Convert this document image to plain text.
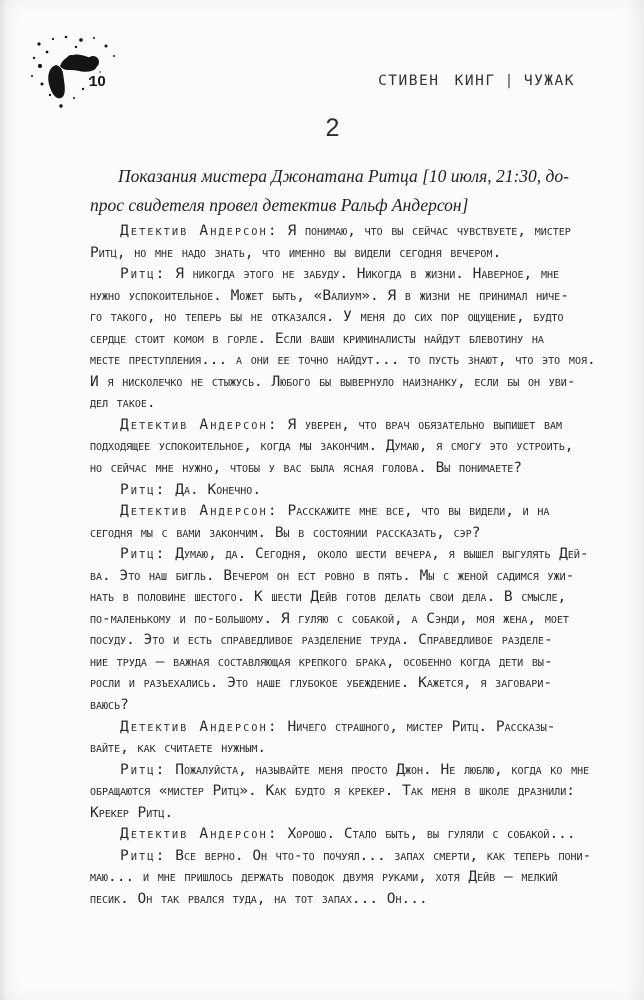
10	СТИВЕН КИНГ | ЧУЖАК
2
Показания мистера Джонатана Ритца [10 июля, 21:30, до-
прос свидетеля провел детектив Ральф Андерсон]
Детектив Андерсон: Я понимаю, что вы сейчас чувствуете, мистер
Ритц, но мне надо знать, что именно вы видели сегодня вечером.
Ритц: Я никогда этого не забуду. Никогда в жизни. Наверное, мне
нужно успокоительное. Может быть, «Валиум». Я в жизни не принимал ниче-
го такого, но теперь бы не отказался. У меня до сих пор ощущение, будто
сердце стоит комом в горле. Если ваши криминалисты найдут блевотину на
месте преступления... а они ее точно найдут... то пусть знают, что это моя.
И я нисколечко не стыжусь. Любого бы вывернуло наизнанку, если бы он уви-
дел такое.
Детектив Андерсон: Я уверен, что врач обязательно выпишет вам
подходящее успокоительное, когда мы закончим. Думаю, я смогу это устроить,
но сейчас мне нужно, чтобы у вас была ясная голова. Вы понимаете?
Ритц: Да. Конечно.
Детектив Андерсон: Расскажите мне все, что вы видели, и на
сегодня мы с вами закончим. Вы в состоянии рассказать, сэр?
Ритц: Думаю, да. Сегодня, около шести вечера, я вышел выгулять Дей-
ва. Это наш бигль. Вечером он ест ровно в пять. Мы с женой садимся ужи-
нать в половине шестого. К шести Дейв готов делать свои дела. В смысле,
по-маленькому и по-большому. Я гуляю с собакой, а Сэнди, моя жена, моет
посуду. Это и есть справедливое разделение труда. Справедливое разделе-
ние труда — важная составляющая крепкого брака, особенно когда дети вы-
росли и разъехались. Это наше глубокое убеждение. Кажется, я заговари-
ваюсь?
Детектив Андерсон: Ничего страшного, мистер Ритц. Рассказы-
вайте, как считаете нужным.
Ритц: Пожалуйста, называйте меня просто Джон. Не люблю, когда ко мне
обращаются «мистер Ритц». Как будто я крекер. Так меня в школе дразнили:
Крекер Ритц.
Детектив Андерсон: Хорошо. Стало быть, вы гуляли с собакой...
Ритц: Все верно. Он что-то почуял... запах смерти, как теперь пони-
маю... и мне пришлось держать поводок двумя руками, хотя Дейв — мелкий
песик. Он так рвался туда, на тот запах... Он...
